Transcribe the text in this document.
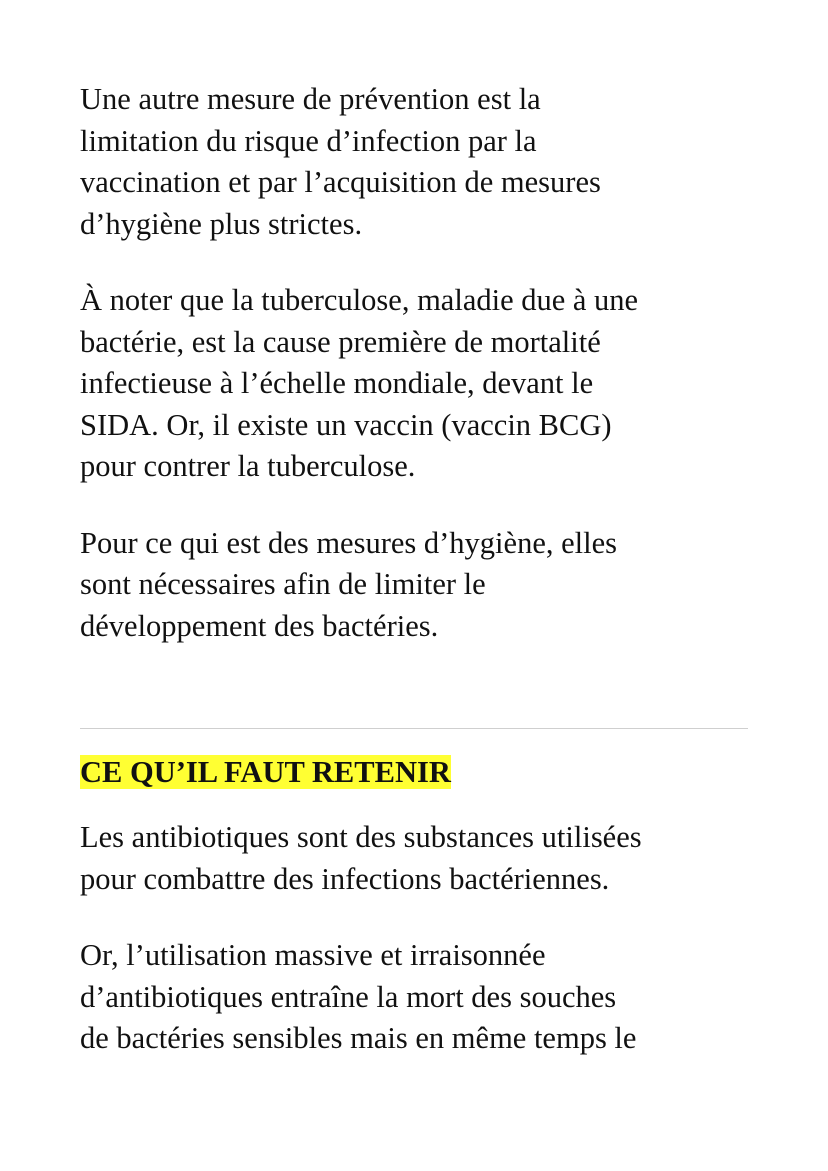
Une autre mesure de prévention est la
limitation du risque d’infection par la
vaccination et par l’acquisition de mesures
d’hygiène plus strictes.

À noter que la tuberculose, maladie due à une
bactérie, est la cause première de mortalité
infectieuse à l’échelle mondiale, devant le
SIDA. Or, il existe un vaccin (vaccin BCG)
pour contrer la tuberculose.

Pour ce qui est des mesures d’hygiène, elles
sont nécessaires afin de limiter le
développement des bactéries.

CE QU’IL FAUT RETENIR

Les antibiotiques sont des substances utilisées
pour combattre des infections bactériennes.

Or, l’utilisation massive et irraisonnée
d’antibiotiques entraîne la mort des souches
de bactéries sensibles mais en même temps le
